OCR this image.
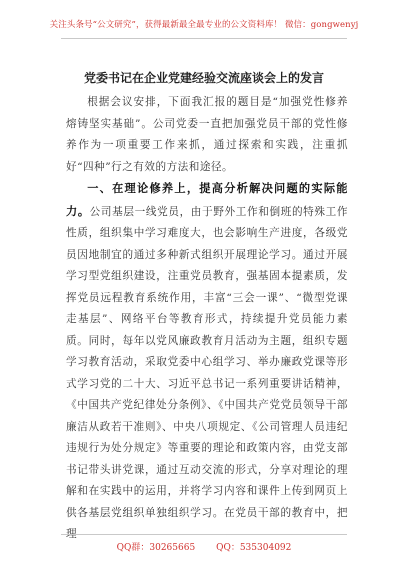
关注头条号“公文研究”，获得最新最全最专业的公文资料库！ 微信：gongwenyj
党委书记在企业党建经验交流座谈会上的发言

根据会议安排，下面我汇报的题目是“加强党性修养熔铸坚实基础”。公司党委一直把加强党员干部的党性修养作为一项重要工作来抓，通过探索和实践，注重抓好“四种”行之有效的方法和途径。

一、在理论修养上，提高分析解决问题的实际能力。公司基层一线党员，由于野外工作和倒班的特殊工作性质，组织集中学习难度大，也会影响生产进度，各级党员因地制宜的通过多种新式组织开展理论学习。通过开展学习型党组织建设，注重党员教育，强基固本提素质，发挥党员远程教育系统作用，丰富“三会一课”、“微型党课走基层”、网络平台等教育形式，持续提升党员能力素质。同时，每年以党风廉政教育月活动为主题，组织专题学习教育活动，采取党委中心组学习、举办廉政党课等形式学习党的二十大、习近平总书记一系列重要讲话精神，《中国共产党纪律处分条例》、《中国共产党党员领导干部廉洁从政若干准则》、中央八项规定、《公司管理人员违纪违规行为处分规定》等重要的理论和政策内容，由党支部书记带头讲党课，通过互动交流的形式，分享对理论的理解和在实践中的运用，并将学习内容和课件上传到网页上供各基层党组织单独组织学习。在党员干部的教育中，把理

QQ群：30265665 QQ：535304092
